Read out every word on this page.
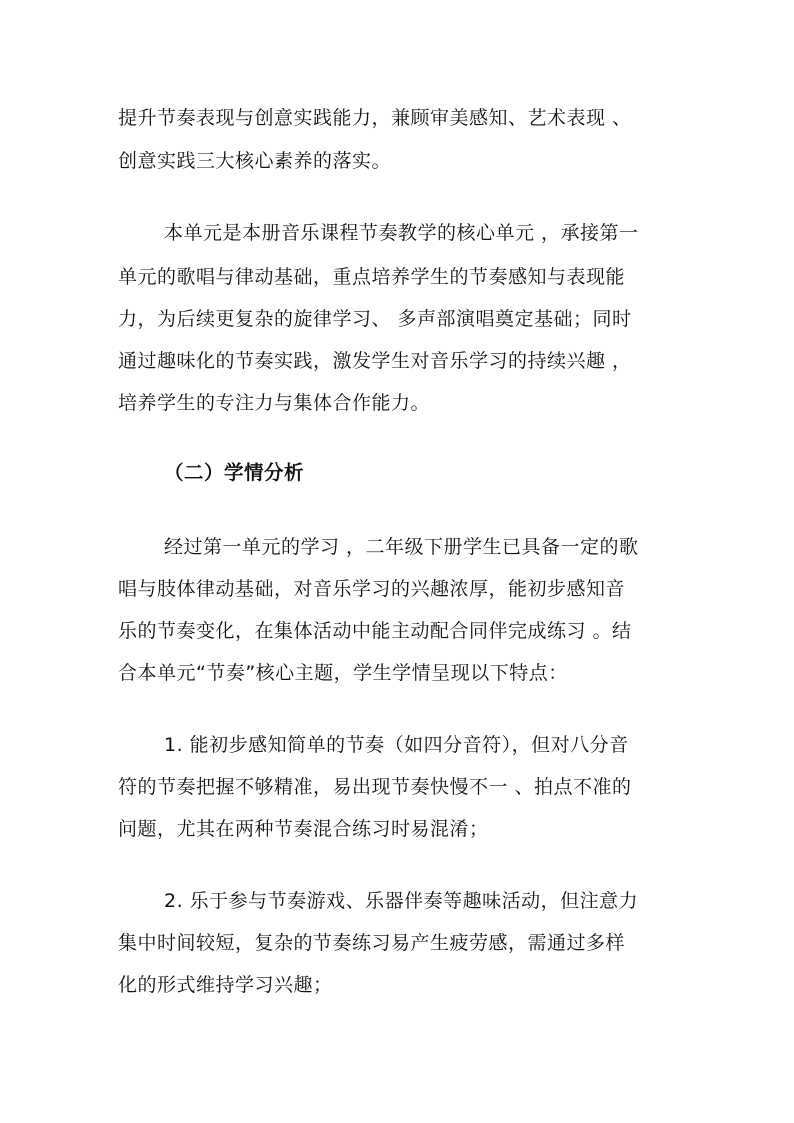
提升节奏表现与创意实践能力，兼顾审美感知、艺术表现 、

创意实践三大核心素养的落实。

本单元是本册音乐课程节奏教学的核心单元 ，承接第一

单元的歌唱与律动基础，重点培养学生的节奏感知与表现能

力，为后续更复杂的旋律学习、 多声部演唱奠定基础；同时

通过趣味化的节奏实践，激发学生对音乐学习的持续兴趣 ，

培养学生的专注力与集体合作能力。

（二）学情分析

经过第一单元的学习 ，二年级下册学生已具备一定的歌

唱与肢体律动基础，对音乐学习的兴趣浓厚，能初步感知音

乐的节奏变化，在集体活动中能主动配合同伴完成练习 。结

合本单元“节奏”核心主题，学生学情呈现以下特点：

1. 能初步感知简单的节奏（如四分音符），但对八分音

符的节奏把握不够精准，易出现节奏快慢不一 、拍点不准的

问题，尤其在两种节奏混合练习时易混淆；

2. 乐于参与节奏游戏、乐器伴奏等趣味活动，但注意力

集中时间较短，复杂的节奏练习易产生疲劳感，需通过多样

化的形式维持学习兴趣；
